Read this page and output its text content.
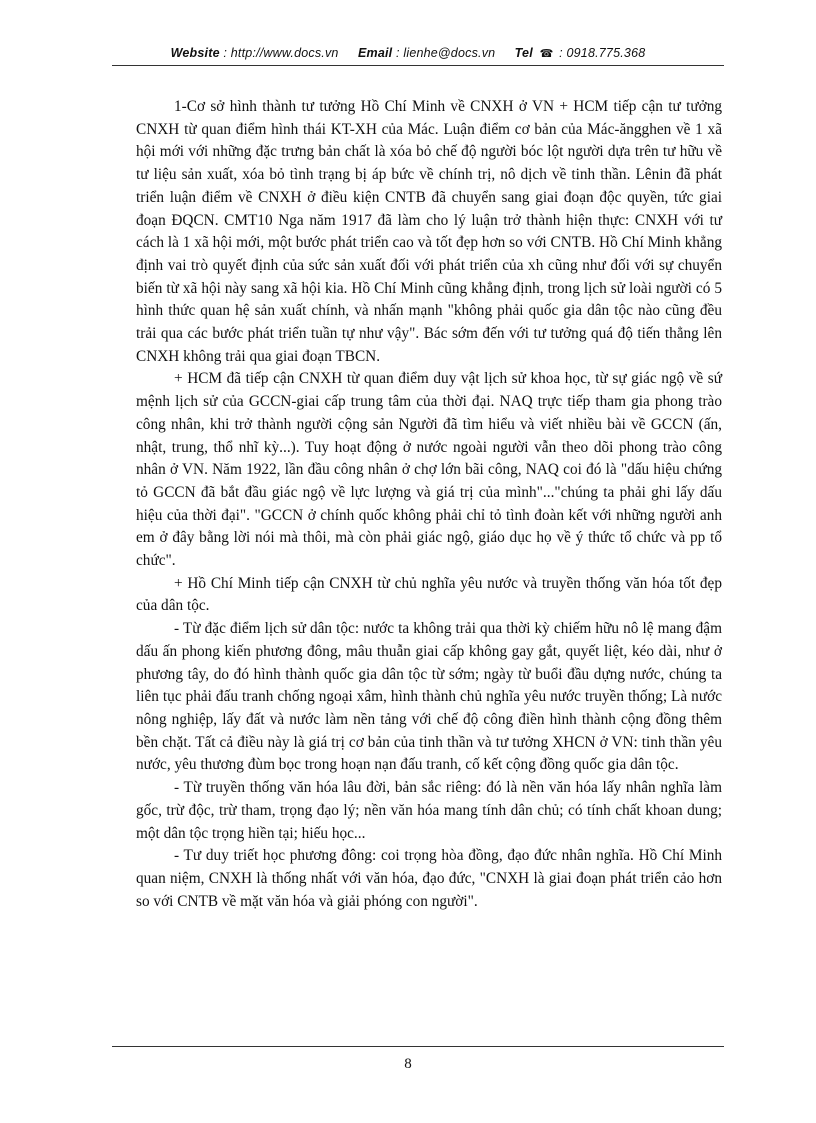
Website : http://www.docs.vn Email : lienhe@docs.vn Tel ☎ : 0918.775.368

1-Cơ sở hình thành tư tưởng Hồ Chí Minh về CNXH ở VN + HCM tiếp cận tư tưởng CNXH từ quan điểm hình thái KT-XH của Mác. Luận điểm cơ bản của Mác-ăngghen về 1 xã hội mới với những đặc trưng bản chất là xóa bỏ chế độ người bóc lột người dựa trên tư hữu về tư liệu sản xuất, xóa bỏ tình trạng bị áp bức về chính trị, nô dịch về tinh thần. Lênin đã phát triển luận điểm về CNXH ở điều kiện CNTB đã chuyển sang giai đoạn độc quyền, tức giai đoạn ĐQCN. CMT10 Nga năm 1917 đã làm cho lý luận trở thành hiện thực: CNXH với tư cách là 1 xã hội mới, một bước phát triển cao và tốt đẹp hơn so với CNTB. Hồ Chí Minh khẳng định vai trò quyết định của sức sản xuất đối với phát triển của xh cũng như đối với sự chuyển biến từ xã hội này sang xã hội kia. Hồ Chí Minh cũng khẳng định, trong lịch sử loài người có 5 hình thức quan hệ sản xuất chính, và nhấn mạnh "không phải quốc gia dân tộc nào cũng đều trải qua các bước phát triển tuần tự như vậy". Bác sớm đến với tư tưởng quá độ tiến thẳng lên CNXH không trải qua giai đoạn TBCN.

+ HCM đã tiếp cận CNXH từ quan điểm duy vật lịch sử khoa học, từ sự giác ngộ về sứ mệnh lịch sử của GCCN-giai cấp trung tâm của thời đại. NAQ trực tiếp tham gia phong trào công nhân, khi trở thành người cộng sản Người đã tìm hiểu và viết nhiều bài về GCCN (ấn, nhật, trung, thổ nhĩ kỳ...). Tuy hoạt động ở nước ngoài người vẫn theo dõi phong trào công nhân ở VN. Năm 1922, lần đầu công nhân ở chợ lớn bãi công, NAQ coi đó là "dấu hiệu chứng tỏ GCCN đã bắt đầu giác ngộ về lực lượng và giá trị của mình"..."chúng ta phải ghi lấy dấu hiệu của thời đại". "GCCN ở chính quốc không phải chỉ tỏ tình đoàn kết với những người anh em ở đây bằng lời nói mà thôi, mà còn phải giác ngộ, giáo dục họ về ý thức tổ chức và pp tổ chức".

+ Hồ Chí Minh tiếp cận CNXH từ chủ nghĩa yêu nước và truyền thống văn hóa tốt đẹp của dân tộc.

- Từ đặc điểm lịch sử dân tộc: nước ta không trải qua thời kỳ chiếm hữu nô lệ mang đậm dấu ấn phong kiến phương đông, mâu thuẫn giai cấp không gay gắt, quyết liệt, kéo dài, như ở phương tây, do đó hình thành quốc gia dân tộc từ sớm; ngày từ buổi đầu dựng nước, chúng ta liên tục phải đấu tranh chống ngoại xâm, hình thành chủ nghĩa yêu nước truyền thống; Là nước nông nghiệp, lấy đất và nước làm nền tảng với chế độ công điền hình thành cộng đồng thêm bền chặt. Tất cả điều này là giá trị cơ bản của tinh thần và tư tưởng XHCN ở VN: tinh thần yêu nước, yêu thương đùm bọc trong hoạn nạn đấu tranh, cố kết cộng đồng quốc gia dân tộc.

- Từ truyền thống văn hóa lâu đời, bản sắc riêng: đó là nền văn hóa lấy nhân nghĩa làm gốc, trừ độc, trừ tham, trọng đạo lý; nền văn hóa mang tính dân chủ; có tính chất khoan dung; một dân tộc trọng hiền tại; hiếu học...

- Tư duy triết học phương đông: coi trọng hòa đồng, đạo đức nhân nghĩa. Hồ Chí Minh quan niệm, CNXH là thống nhất với văn hóa, đạo đức, "CNXH là giai đoạn phát triển cảo hơn so với CNTB về mặt văn hóa và giải phóng con người".

8
